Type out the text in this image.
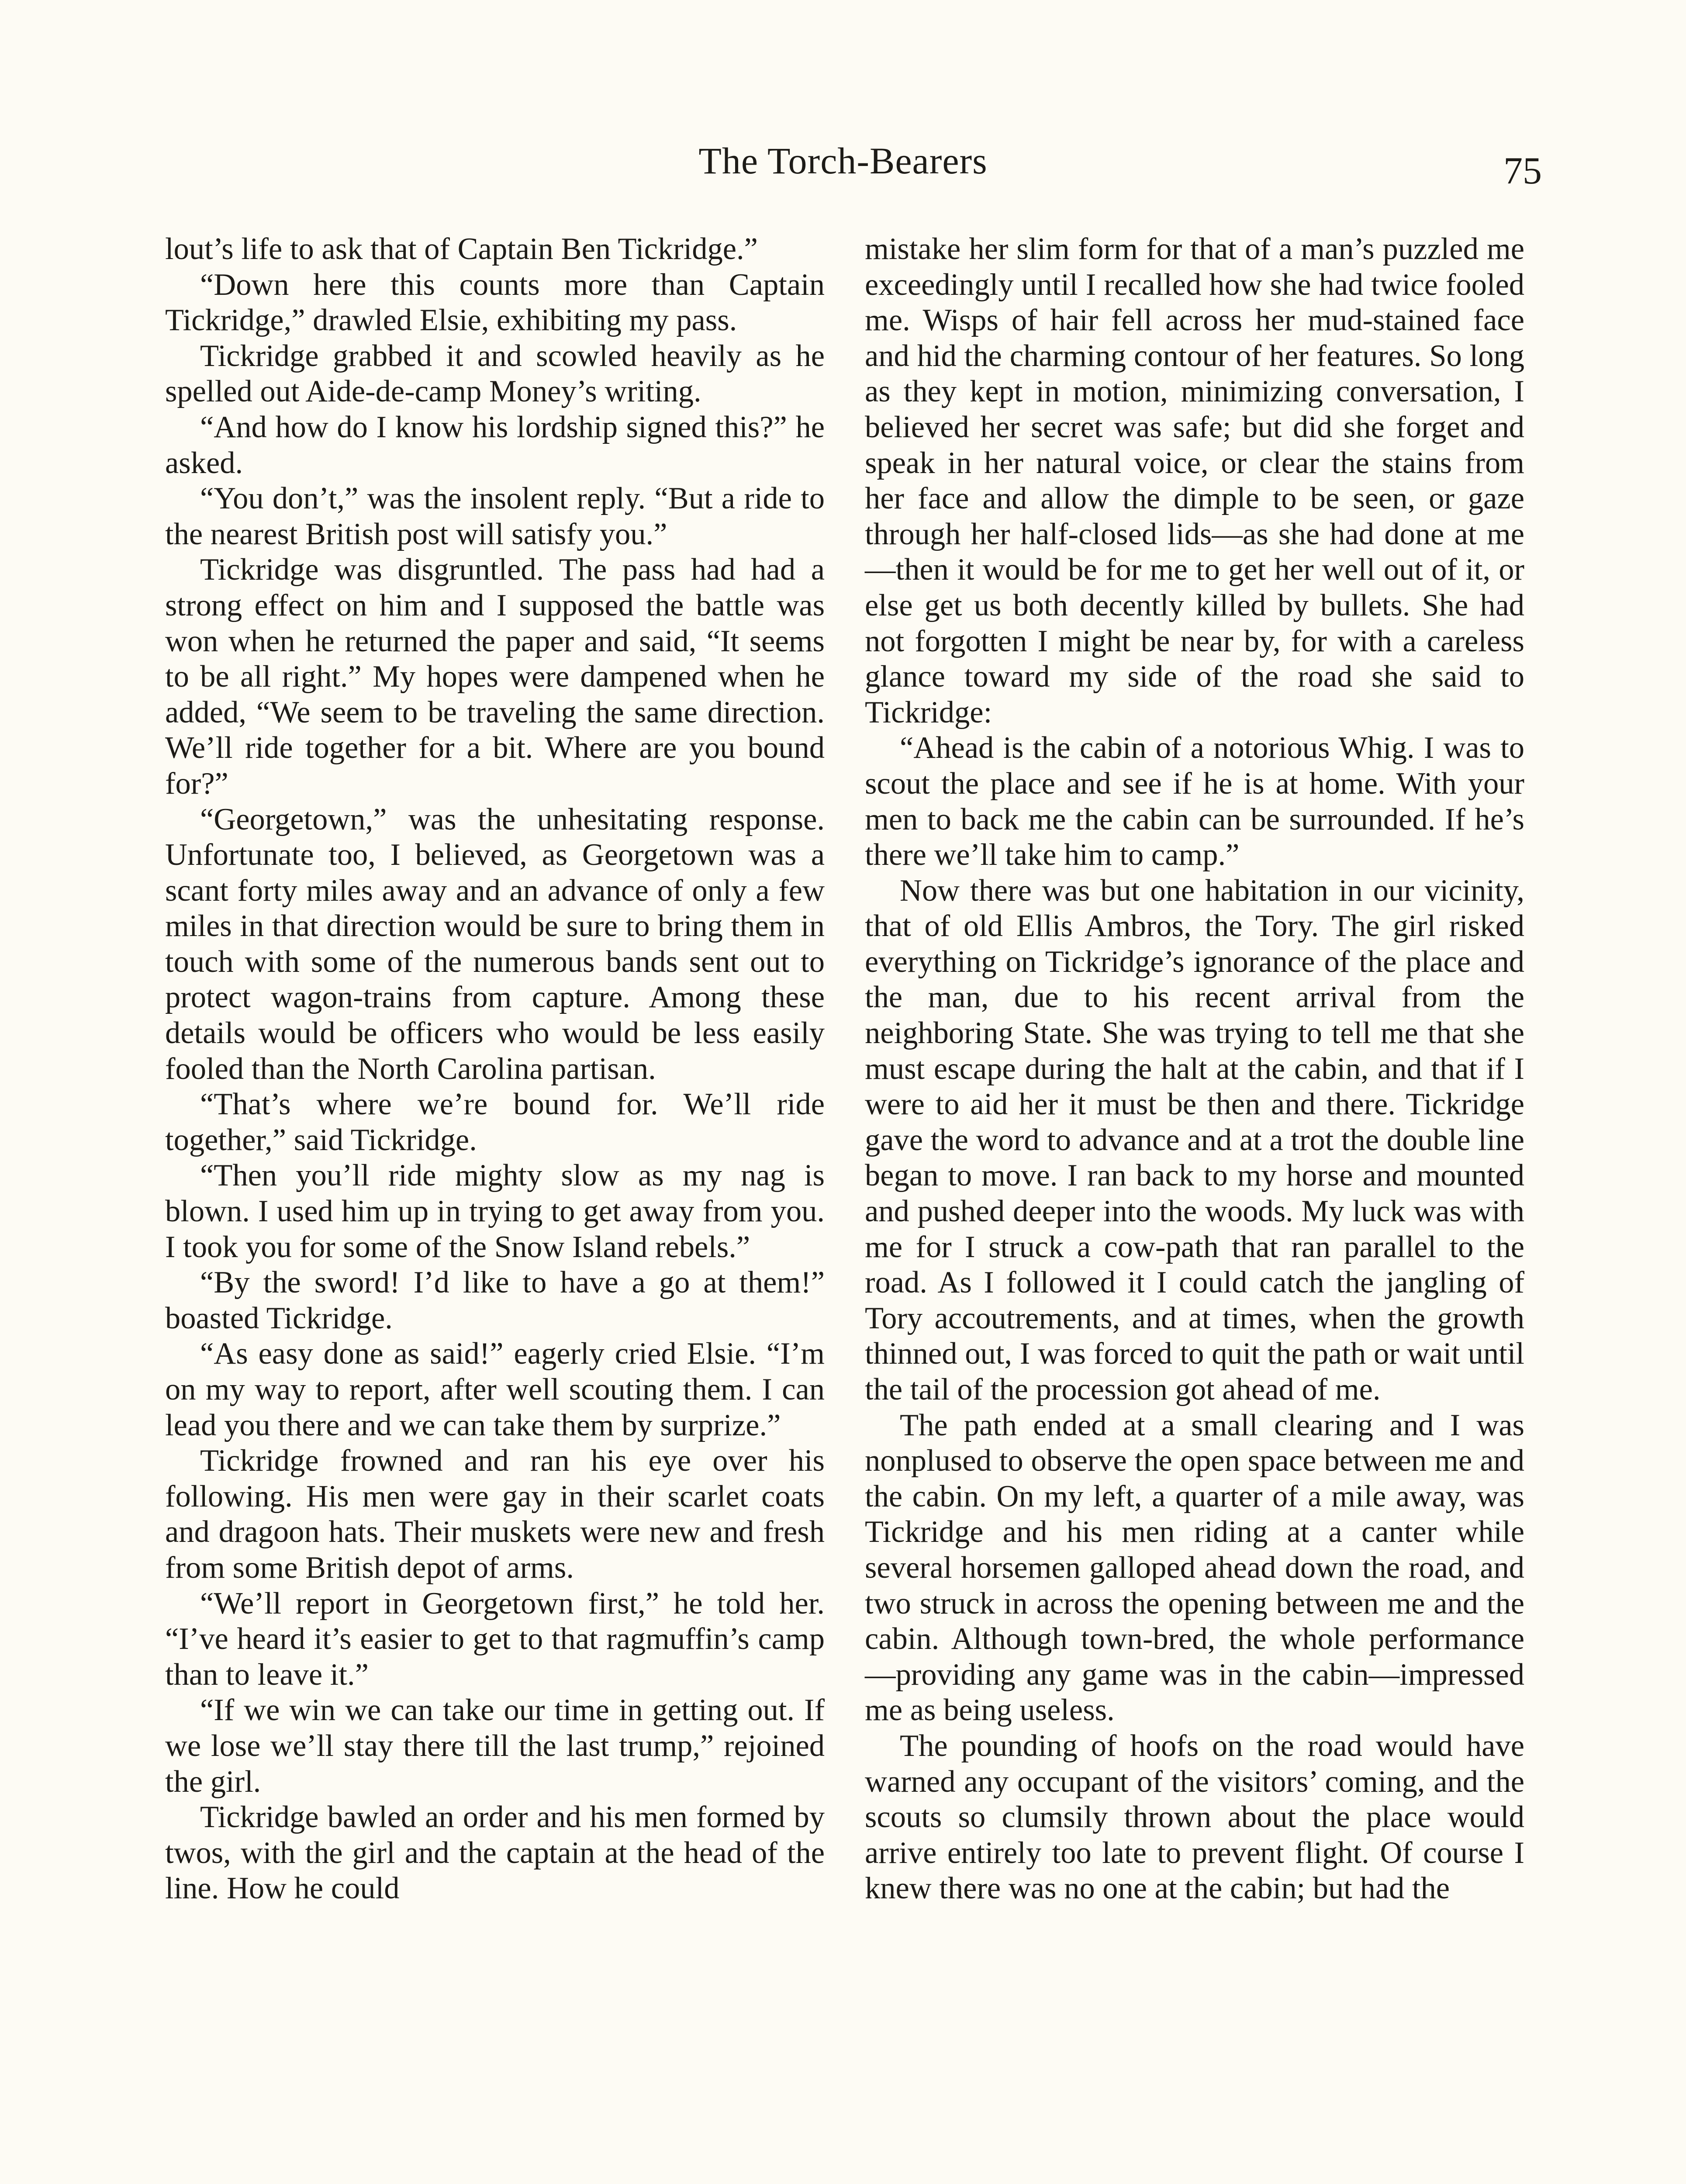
The Torch-Bearers	75

lout’s life to ask that of Captain Ben Tickridge.”

“Down here this counts more than Captain Tickridge,” drawled Elsie, exhibiting my pass.

Tickridge grabbed it and scowled heavily as he spelled out Aide-de-camp Money’s writing.

“And how do I know his lordship signed this?” he asked.

“You don’t,” was the insolent reply. “But a ride to the nearest British post will satisfy you.”

Tickridge was disgruntled. The pass had had a strong effect on him and I supposed the battle was won when he returned the paper and said, “It seems to be all right.” My hopes were dampened when he added, “We seem to be traveling the same direction. We’ll ride together for a bit. Where are you bound for?”

“Georgetown,” was the unhesitating response. Unfortunate too, I believed, as Georgetown was a scant forty miles away and an advance of only a few miles in that direction would be sure to bring them in touch with some of the numerous bands sent out to protect wagon-trains from capture. Among these details would be officers who would be less easily fooled than the North Carolina partisan.

“That’s where we’re bound for. We’ll ride together,” said Tickridge.

“Then you’ll ride mighty slow as my nag is blown. I used him up in trying to get away from you. I took you for some of the Snow Island rebels.”

“By the sword! I’d like to have a go at them!” boasted Tickridge.

“As easy done as said!” eagerly cried Elsie. “I’m on my way to report, after well scouting them. I can lead you there and we can take them by surprize.”

Tickridge frowned and ran his eye over his following. His men were gay in their scarlet coats and dragoon hats. Their muskets were new and fresh from some British depot of arms.

“We’ll report in Georgetown first,” he told her. “I’ve heard it’s easier to get to that ragmuffin’s camp than to leave it.”

“If we win we can take our time in getting out. If we lose we’ll stay there till the last trump,” rejoined the girl.

Tickridge bawled an order and his men formed by twos, with the girl and the captain at the head of the line. How he could

mistake her slim form for that of a man’s puzzled me exceedingly until I recalled how she had twice fooled me. Wisps of hair fell across her mud-stained face and hid the charming contour of her features. So long as they kept in motion, minimizing conversation, I believed her secret was safe; but did she forget and speak in her natural voice, or clear the stains from her face and allow the dimple to be seen, or gaze through her half-closed lids—as she had done at me —then it would be for me to get her well out of it, or else get us both decently killed by bullets. She had not forgotten I might be near by, for with a careless glance toward my side of the road she said to Tickridge:

“Ahead is the cabin of a notorious Whig. I was to scout the place and see if he is at home. With your men to back me the cabin can be surrounded. If he’s there we’ll take him to camp.”

Now there was but one habitation in our vicinity, that of old Ellis Ambros, the Tory. The girl risked everything on Tickridge’s ignorance of the place and the man, due to his recent arrival from the neighboring State. She was trying to tell me that she must escape during the halt at the cabin, and that if I were to aid her it must be then and there. Tickridge gave the word to advance and at a trot the double line began to move. I ran back to my horse and mounted and pushed deeper into the woods. My luck was with me for I struck a cow-path that ran parallel to the road. As I followed it I could catch the jangling of Tory accoutrements, and at times, when the growth thinned out, I was forced to quit the path or wait until the tail of the procession got ahead of me.

The path ended at a small clearing and I was nonplused to observe the open space between me and the cabin. On my left, a quarter of a mile away, was Tickridge and his men riding at a canter while several horsemen galloped ahead down the road, and two struck in across the opening between me and the cabin. Although town-bred, the whole performance—providing any game was in the cabin—impressed me as being useless.

The pounding of hoofs on the road would have warned any occupant of the visitors’ coming, and the scouts so clumsily thrown about the place would arrive entirely too late to prevent flight. Of course I knew there was no one at the cabin; but had the
